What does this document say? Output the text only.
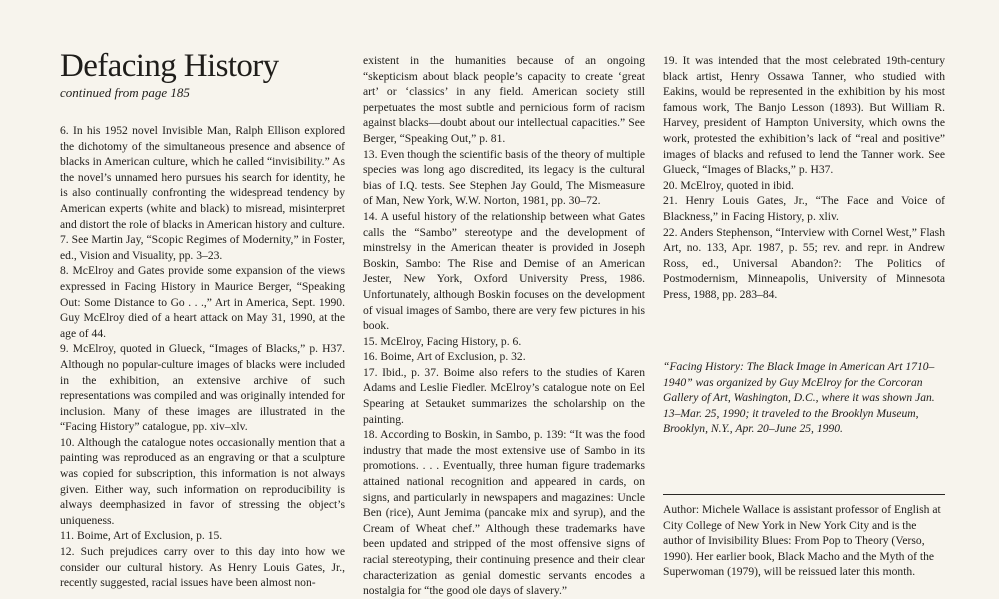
Defacing History
continued from page 185

6. In his 1952 novel Invisible Man, Ralph Ellison explored the dichotomy of the simultaneous presence and absence of blacks in American culture, which he called “invisibility.” As the novel’s unnamed hero pursues his search for identity, he is also continually confronting the widespread tendency by American experts (white and black) to misread, misinterpret and distort the role of blacks in American history and culture.

7. See Martin Jay, “Scopic Regimes of Modernity,” in Foster, ed., Vision and Visuality, pp. 3–23.

8. McElroy and Gates provide some expansion of the views expressed in Facing History in Maurice Berger, “Speaking Out: Some Distance to Go . . .,” Art in America, Sept. 1990. Guy McElroy died of a heart attack on May 31, 1990, at the age of 44.

9. McElroy, quoted in Glueck, “Images of Blacks,” p. H37. Although no popular-culture images of blacks were included in the exhibition, an extensive archive of such representations was compiled and was originally intended for inclusion. Many of these images are illustrated in the “Facing History” catalogue, pp. xiv–xlv.

10. Although the catalogue notes occasionally mention that a painting was reproduced as an engraving or that a sculpture was copied for subscription, this information is not always given. Either way, such information on reproducibility is always deemphasized in favor of stressing the object’s uniqueness.

11. Boime, Art of Exclusion, p. 15.

12. Such prejudices carry over to this day into how we consider our cultural history. As Henry Louis Gates, Jr., recently suggested, racial issues have been almost non-

existent in the humanities because of an ongoing “skepticism about black people’s capacity to create ‘great art’ or ‘classics’ in any field. American society still perpetuates the most subtle and pernicious form of racism against blacks—doubt about our intellectual capacities.” See Berger, “Speaking Out,” p. 81.

13. Even though the scientific basis of the theory of multiple species was long ago discredited, its legacy is the cultural bias of I.Q. tests. See Stephen Jay Gould, The Mismeasure of Man, New York, W.W. Norton, 1981, pp. 30–72.

14. A useful history of the relationship between what Gates calls the “Sambo” stereotype and the development of minstrelsy in the American theater is provided in Joseph Boskin, Sambo: The Rise and Demise of an American Jester, New York, Oxford University Press, 1986. Unfortunately, although Boskin focuses on the development of visual images of Sambo, there are very few pictures in his book.

15. McElroy, Facing History, p. 6.

16. Boime, Art of Exclusion, p. 32.

17. Ibid., p. 37. Boime also refers to the studies of Karen Adams and Leslie Fiedler. McElroy’s catalogue note on Eel Spearing at Setauket summarizes the scholarship on the painting.

18. According to Boskin, in Sambo, p. 139: “It was the food industry that made the most extensive use of Sambo in its promotions. . . . Eventually, three human figure trademarks attained national recognition and appeared in cards, on signs, and particularly in newspapers and magazines: Uncle Ben (rice), Aunt Jemima (pancake mix and syrup), and the Cream of Wheat chef.” Although these trademarks have been updated and stripped of the most offensive signs of racial stereotyping, their continuing presence and their clear characterization as genial domestic servants encodes a nostalgia for “the good ole days of slavery.”

19. It was intended that the most celebrated 19th-century black artist, Henry Ossawa Tanner, who studied with Eakins, would be represented in the exhibition by his most famous work, The Banjo Lesson (1893). But William R. Harvey, president of Hampton University, which owns the work, protested the exhibition’s lack of “real and positive” images of blacks and refused to lend the Tanner work. See Glueck, “Images of Blacks,” p. H37.

20. McElroy, quoted in ibid.

21. Henry Louis Gates, Jr., “The Face and Voice of Blackness,” in Facing History, p. xliv.

22. Anders Stephenson, “Interview with Cornel West,” Flash Art, no. 133, Apr. 1987, p. 55; rev. and repr. in Andrew Ross, ed., Universal Abandon?: The Politics of Postmodernism, Minneapolis, University of Minnesota Press, 1988, pp. 283–84.

“Facing History: The Black Image in American Art 1710–1940” was organized by Guy McElroy for the Corcoran Gallery of Art, Washington, D.C., where it was shown Jan. 13–Mar. 25, 1990; it traveled to the Brooklyn Museum, Brooklyn, N.Y., Apr. 20–June 25, 1990.

Author: Michele Wallace is assistant professor of English at City College of New York in New York City and is the author of Invisibility Blues: From Pop to Theory (Verso, 1990). Her earlier book, Black Macho and the Myth of the Superwoman (1979), will be reissued later this month.
